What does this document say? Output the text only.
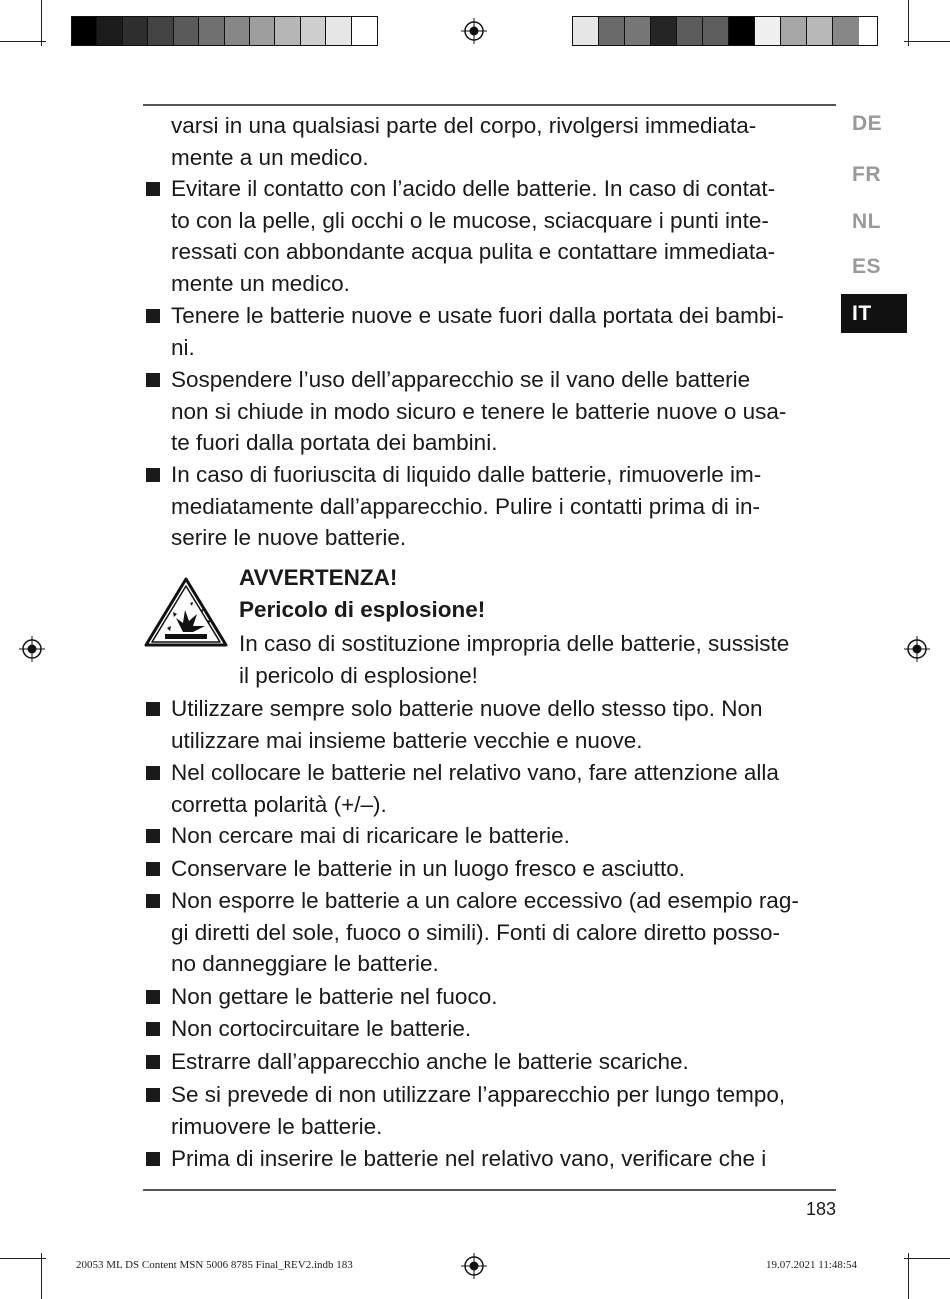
DE
FR
NL
ES
IT
varsi in una qualsiasi parte del corpo, rivolgersi immediata-
mente a un medico.
Evitare il contatto con l’acido delle batterie. In caso di contat-
to con la pelle, gli occhi o le mucose, sciacquare i punti inte-
ressati con abbondante acqua pulita e contattare immediata-
mente un medico.
Tenere le batterie nuove e usate fuori dalla portata dei bambi-
ni.
Sospendere l’uso dell’apparecchio se il vano delle batterie
non si chiude in modo sicuro e tenere le batterie nuove o usa-
te fuori dalla portata dei bambini.
In caso di fuoriuscita di liquido dalle batterie, rimuoverle im-
mediatamente dall’apparecchio. Pulire i contatti prima di in-
serire le nuove batterie.
AVVERTENZA!
Pericolo di esplosione!
In caso di sostituzione impropria delle batterie, sussiste
il pericolo di esplosione!
Utilizzare sempre solo batterie nuove dello stesso tipo. Non
utilizzare mai insieme batterie vecchie e nuove.
Nel collocare le batterie nel relativo vano, fare attenzione alla
corretta polarità (+/–).
Non cercare mai di ricaricare le batterie.
Conservare le batterie in un luogo fresco e asciutto.
Non esporre le batterie a un calore eccessivo (ad esempio rag-
gi diretti del sole, fuoco o simili). Fonti di calore diretto posso-
no danneggiare le batterie.
Non gettare le batterie nel fuoco.
Non cortocircuitare le batterie.
Estrarre dall’apparecchio anche le batterie scariche.
Se si prevede di non utilizzare l’apparecchio per lungo tempo,
rimuovere le batterie.
Prima di inserire le batterie nel relativo vano, verificare che i
183
20053 ML DS Content MSN 5006 8785 Final_REV2.indb 183	19.07.2021 11:48:54
